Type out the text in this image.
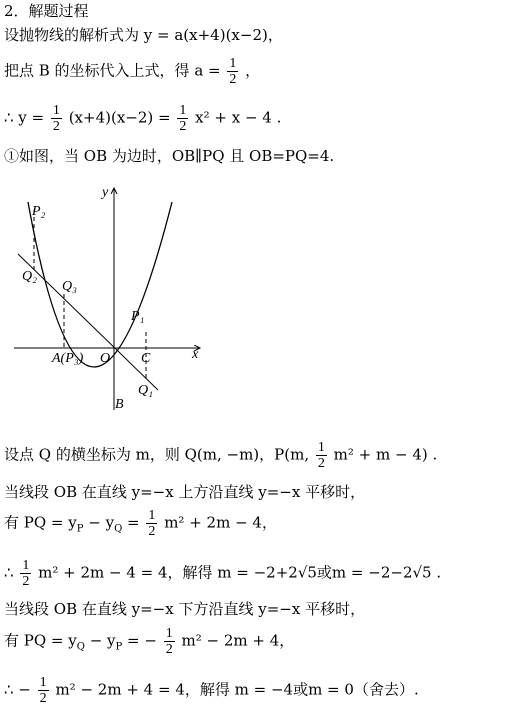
2．解题过程
设抛物线的解析式为 y = a(x+4)(x−2)，
把点 B 的坐标代入上式，得 $a = \frac{1}{2}$ ，
∴ $y = \frac{1}{2} (x+4)(x-2) = \frac{1}{2} x^2 + x - 4$ .
①如图，当 OB 为边时，OB∥PQ 且 OB=PQ=4.
y
x
O
P₂
Q₂
Q₃
P₁
A(P₃)	C
Q₁
B
设点 Q 的横坐标为 m，则 Q(m, −m)，P(m, $\frac{1}{2} m^2 + m - 4$) .
当线段 OB 在直线 y=−x 上方沿直线 y=−x 平移时，
有 PQ = $y_P - y_Q = \frac{1}{2} m^2 + 2m - 4$，
∴ $\frac{1}{2} m^2 + 2m - 4 = 4$，解得 m = −2+2√5或m = −2−2√5 .
当线段 OB 在直线 y=−x 下方沿直线 y=−x 平移时，
有 PQ = $y_Q - y_P$ = − $\frac{1}{2} m^2 - 2m + 4$，
∴ − $\frac{1}{2} m^2 - 2m + 4 = 4$，解得 m = −4或m = 0（舍去）.
